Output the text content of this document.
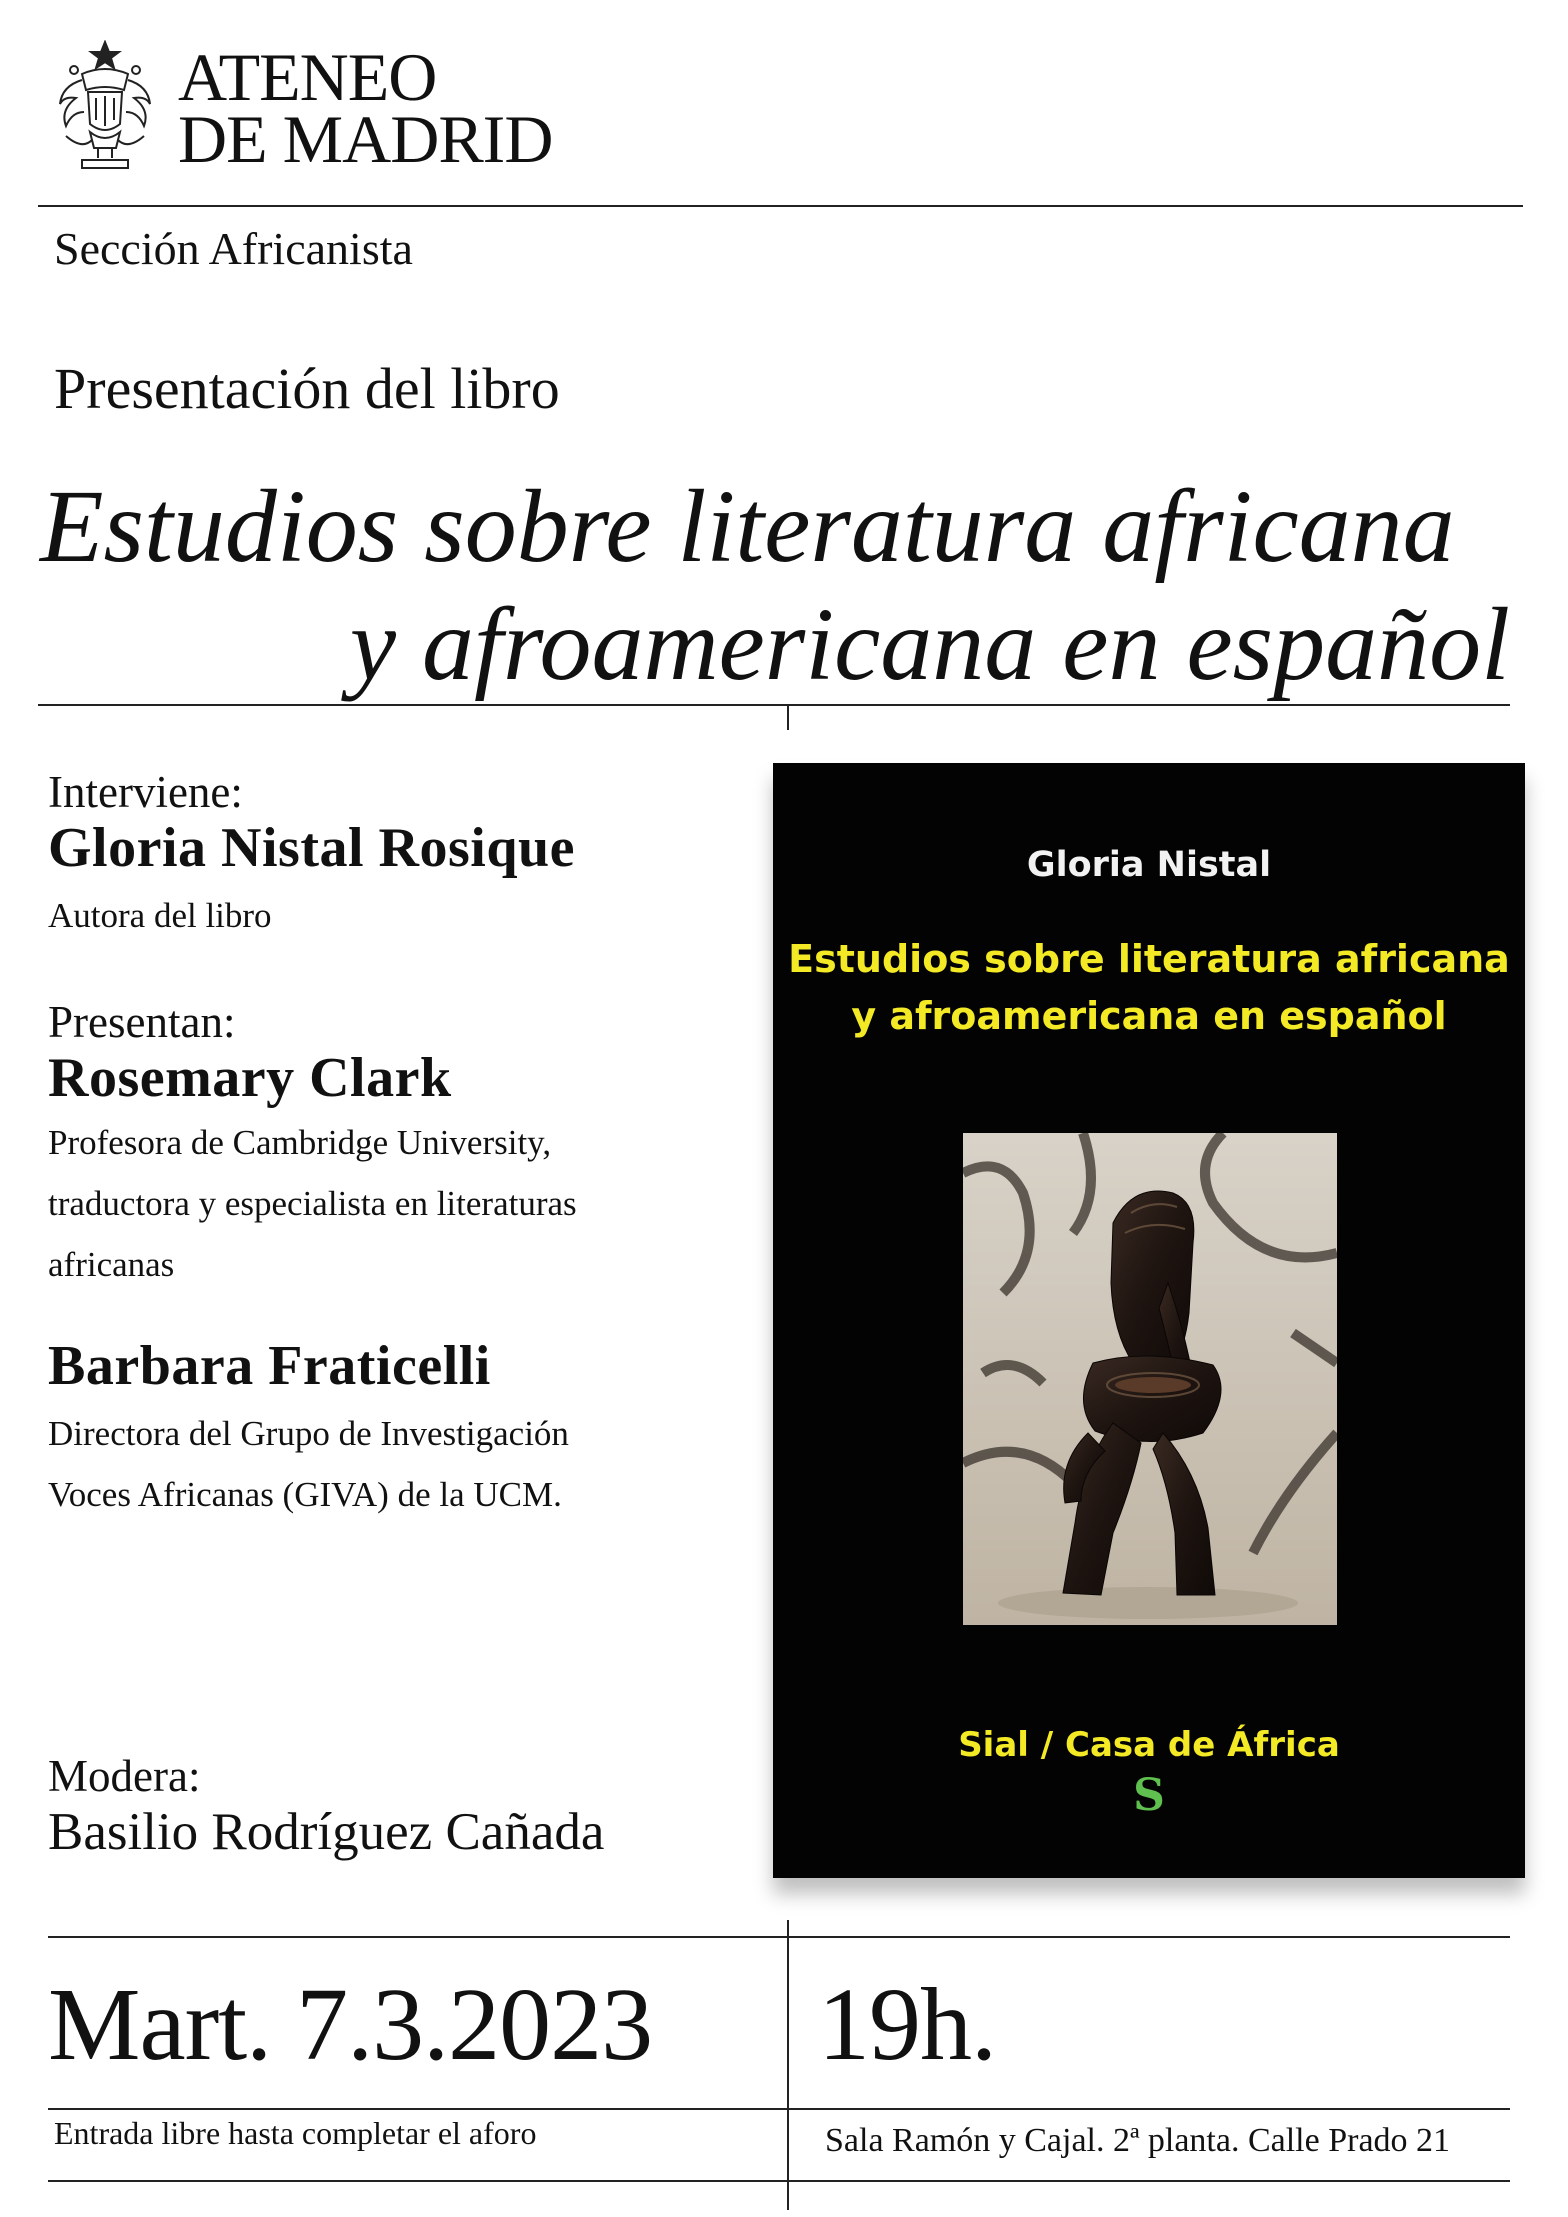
ATENEO
DE MADRID
Sección Africanista
Presentación del libro
Estudios sobre literatura africana
y afroamericana en español
Interviene:
Gloria Nistal Rosique
Autora del libro
Presentan:
Rosemary Clark
Profesora de Cambridge University,
traductora y especialista en literaturas
africanas
Barbara Fraticelli
Directora del Grupo de Investigación
Voces Africanas (GIVA) de la UCM.
Modera:
Basilio Rodríguez Cañada
Gloria Nistal
Estudios sobre literatura africana
y afroamericana en español
Sial / Casa de África
S
Mart. 7.3.2023 19h.
Entrada libre hasta completar el aforo	Sala Ramón y Cajal. 2ª planta. Calle Prado 21
